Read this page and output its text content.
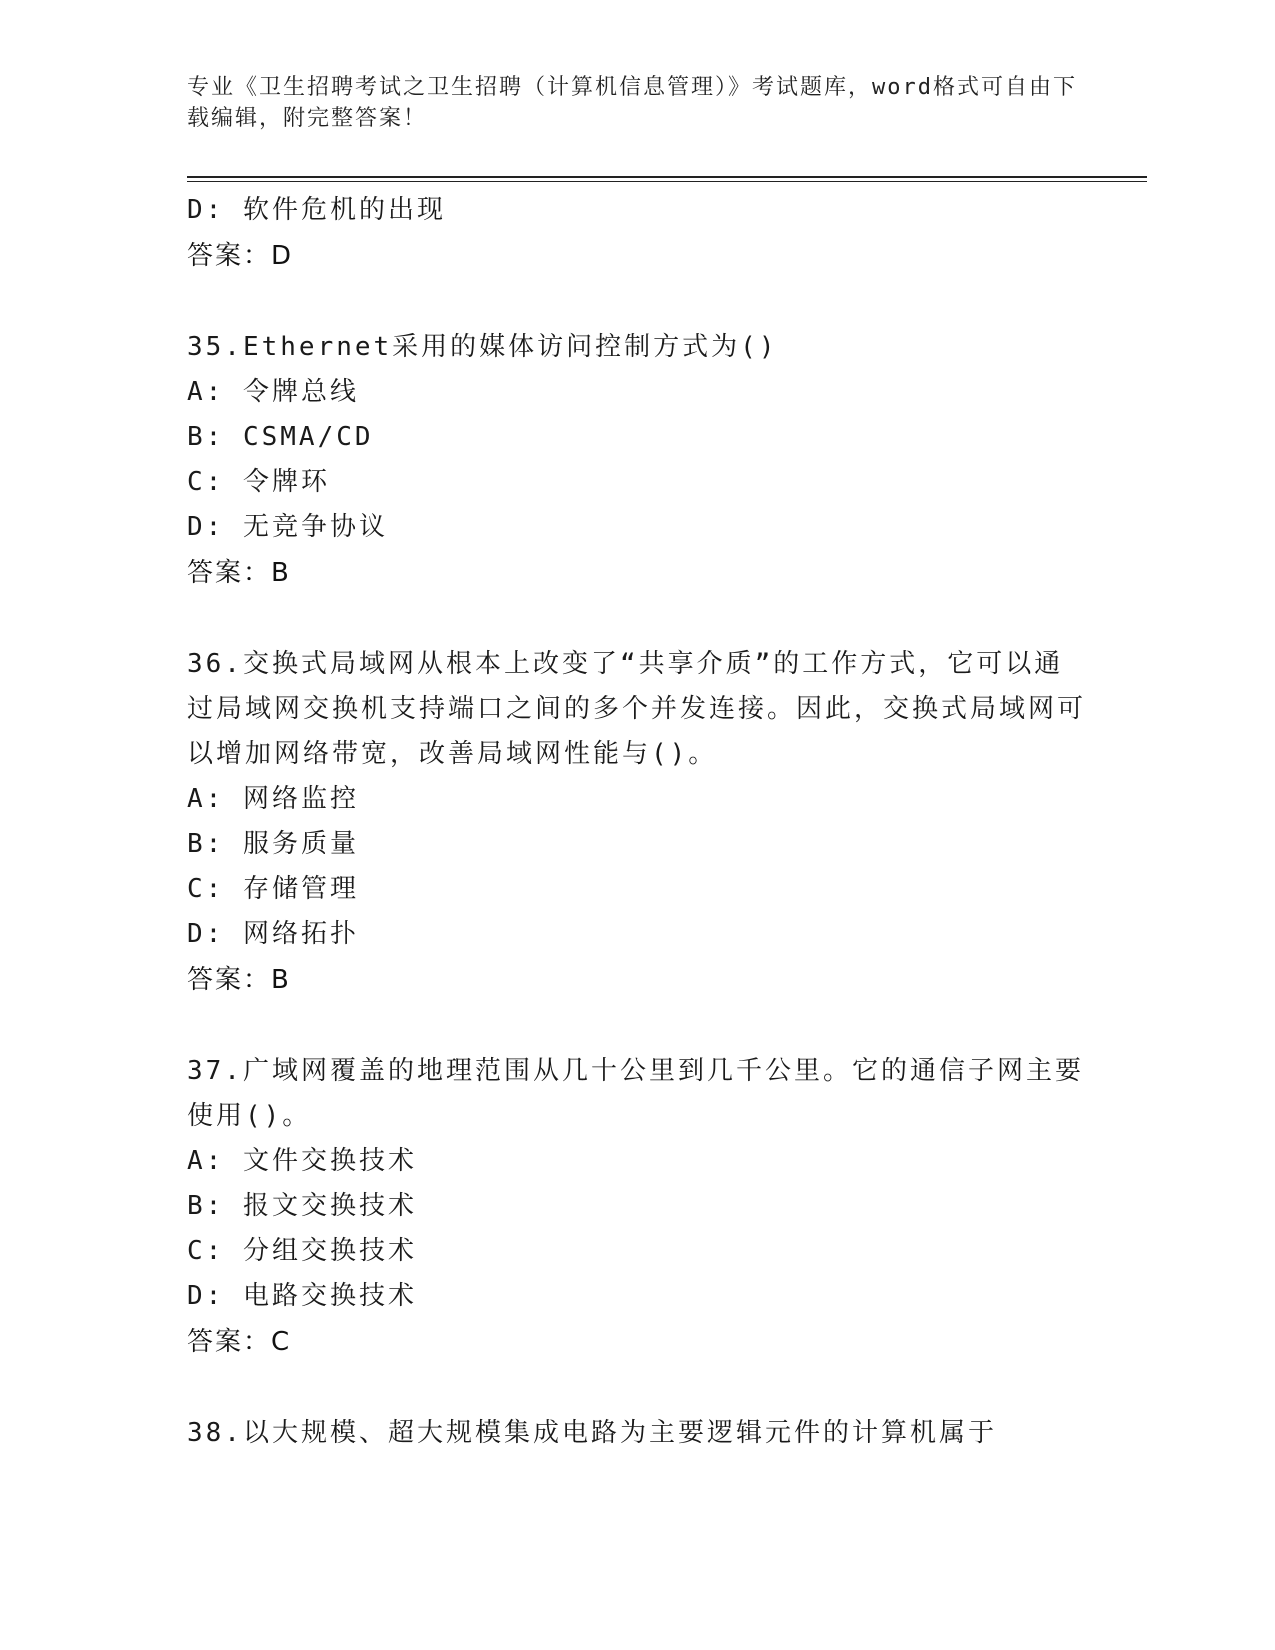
专业《卫生招聘考试之卫生招聘（计算机信息管理）》考试题库，word格式可自由下载编辑，附完整答案！
D: 软件危机的出现
答案：D
35.Ethernet采用的媒体访问控制方式为()
A: 令牌总线
B: CSMA/CD
C: 令牌环
D: 无竞争协议
答案：B
36.交换式局域网从根本上改变了“共享介质”的工作方式，它可以通过局域网交换机支持端口之间的多个并发连接。因此，交换式局域网可以增加网络带宽，改善局域网性能与()。
A: 网络监控
B: 服务质量
C: 存储管理
D: 网络拓扑
答案：B
37.广域网覆盖的地理范围从几十公里到几千公里。它的通信子网主要使用()。
A: 文件交换技术
B: 报文交换技术
C: 分组交换技术
D: 电路交换技术
答案：C
38.以大规模、超大规模集成电路为主要逻辑元件的计算机属于
